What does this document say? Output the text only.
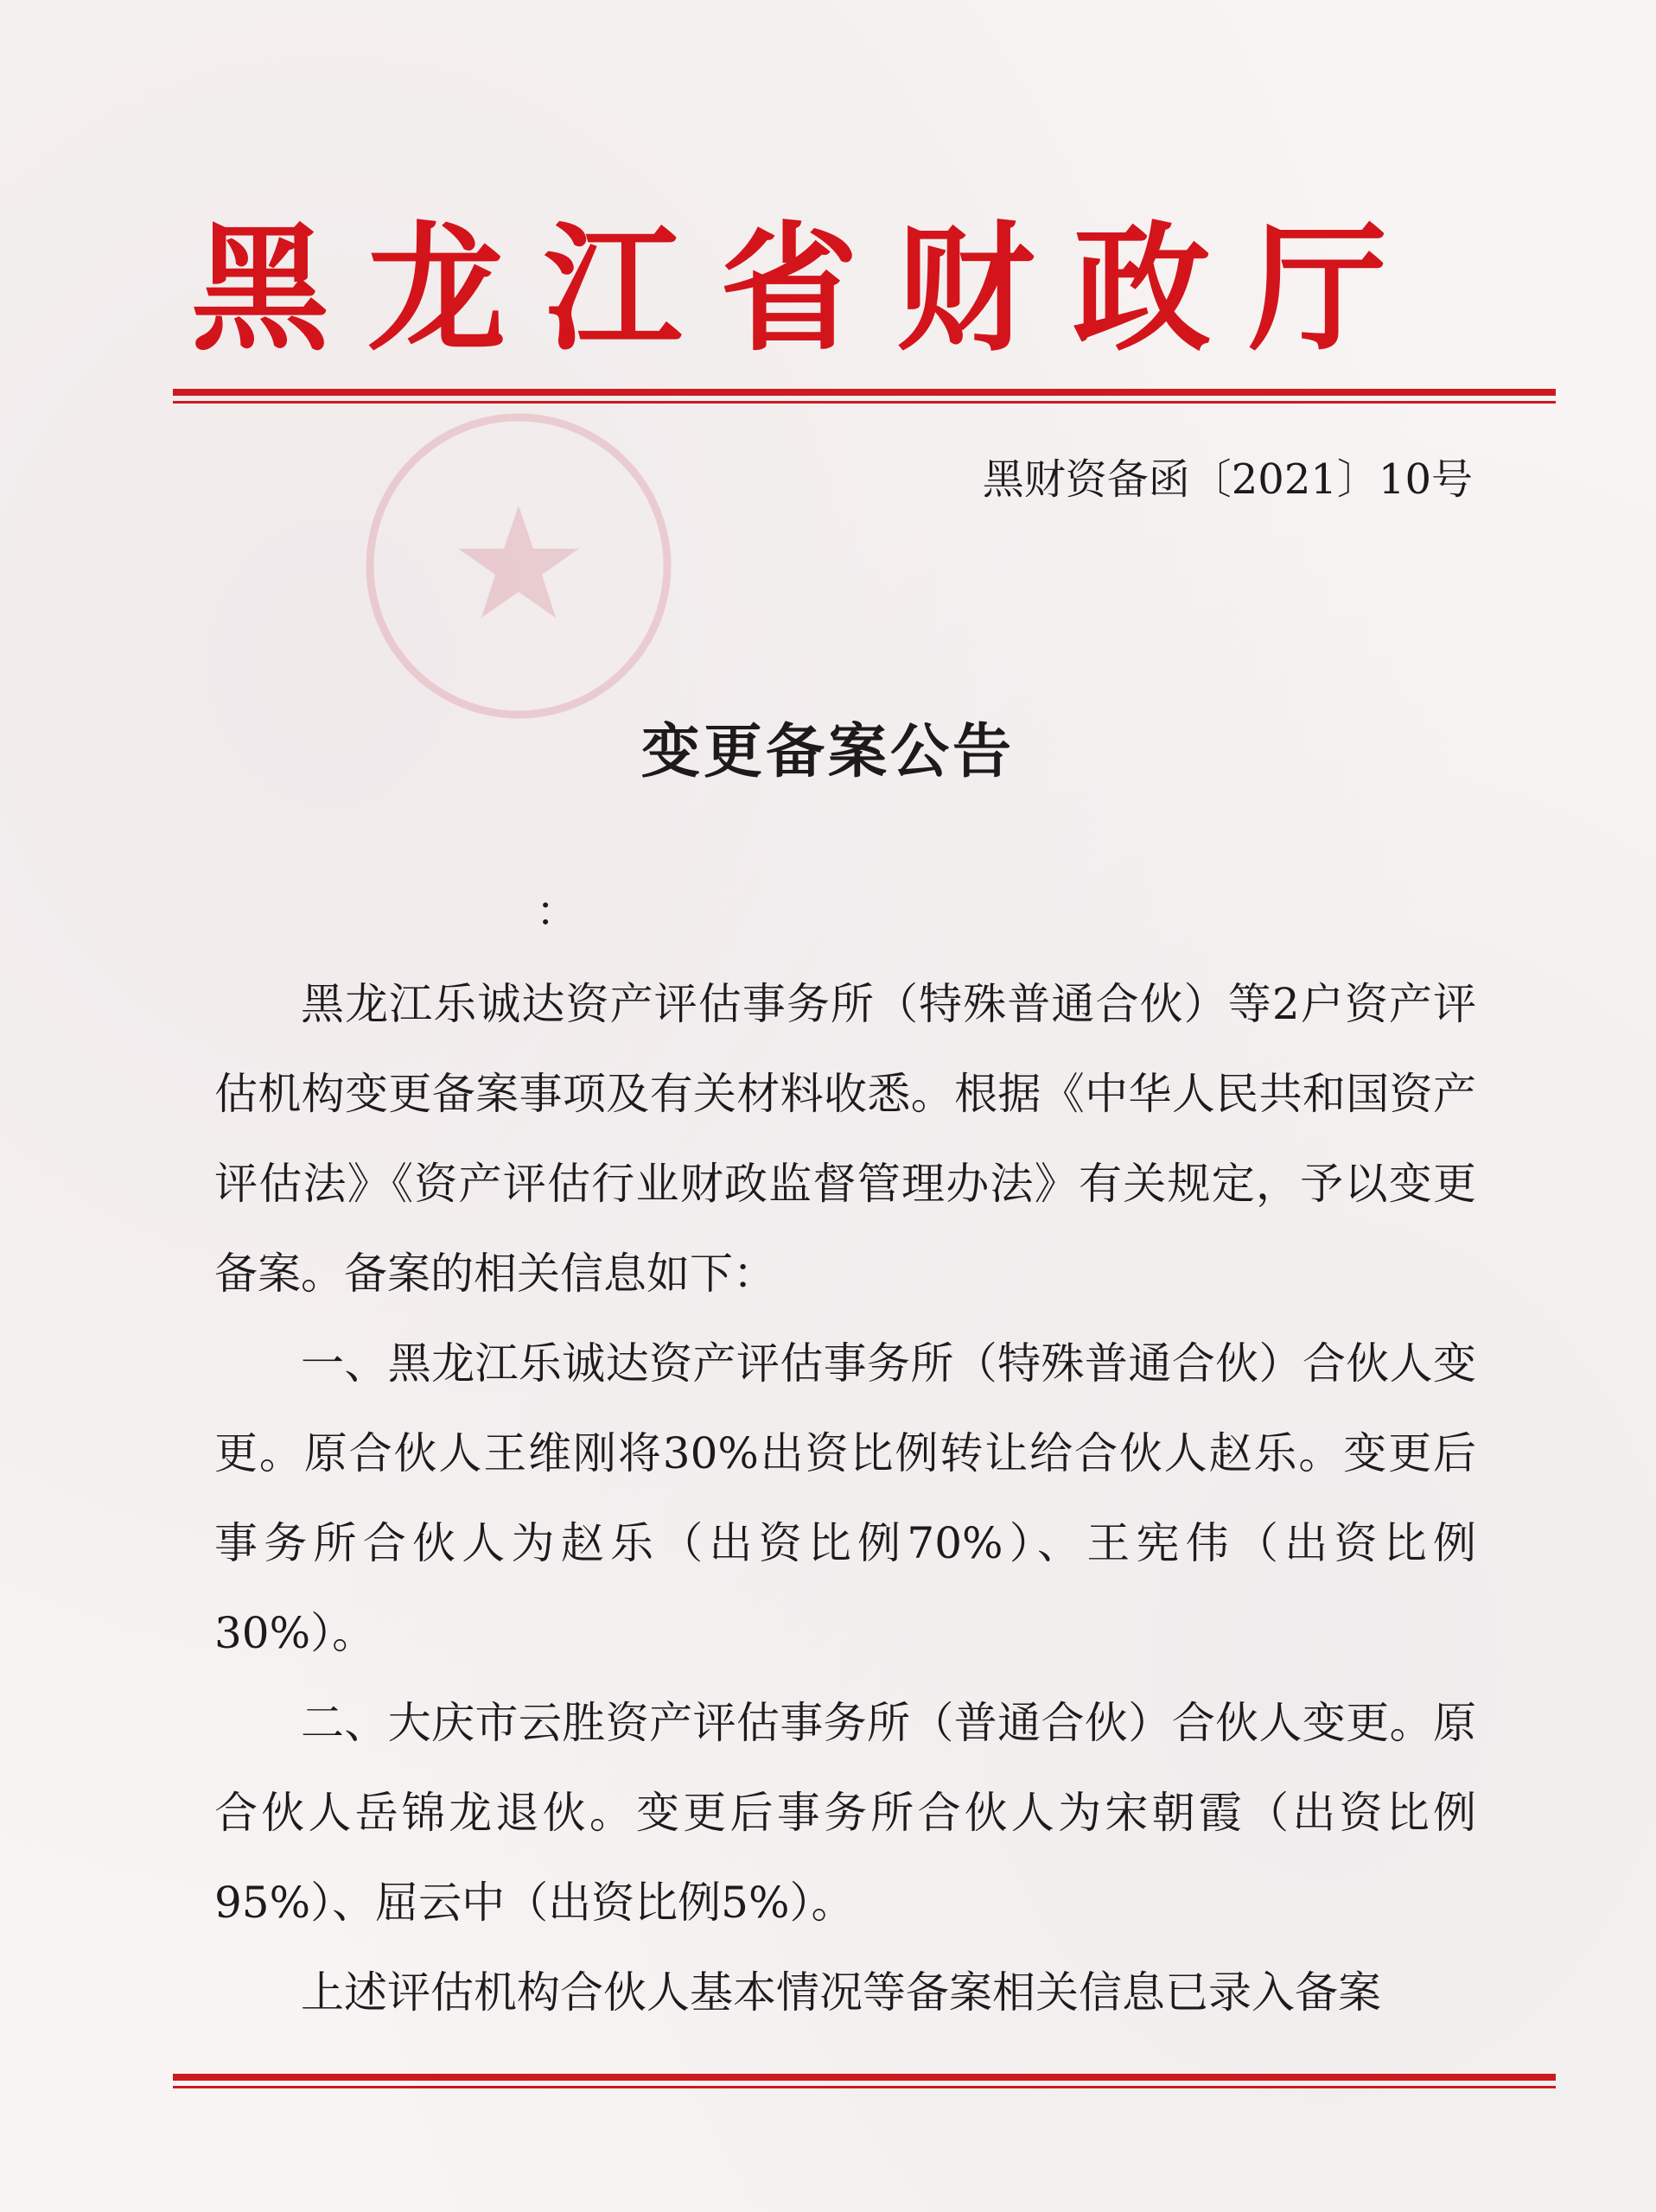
黑龙江省财政厅
黑财资备函〔2021〕10号
变更备案公告
：

黑龙江乐诚达资产评估事务所（特殊普通合伙）等2户资产评估机构变更备案事项及有关材料收悉。根据《中华人民共和国资产评估法》《资产评估行业财政监督管理办法》有关规定，予以变更备案。备案的相关信息如下：

一、黑龙江乐诚达资产评估事务所（特殊普通合伙）合伙人变更。原合伙人王维刚将30%出资比例转让给合伙人赵乐。变更后事务所合伙人为赵乐（出资比例70%）、王宪伟（出资比例30%）。

二、大庆市云胜资产评估事务所（普通合伙）合伙人变更。原合伙人岳锦龙退伙。变更后事务所合伙人为宋朝霞（出资比例95%）、屈云中（出资比例5%）。

上述评估机构合伙人基本情况等备案相关信息已录入备案
